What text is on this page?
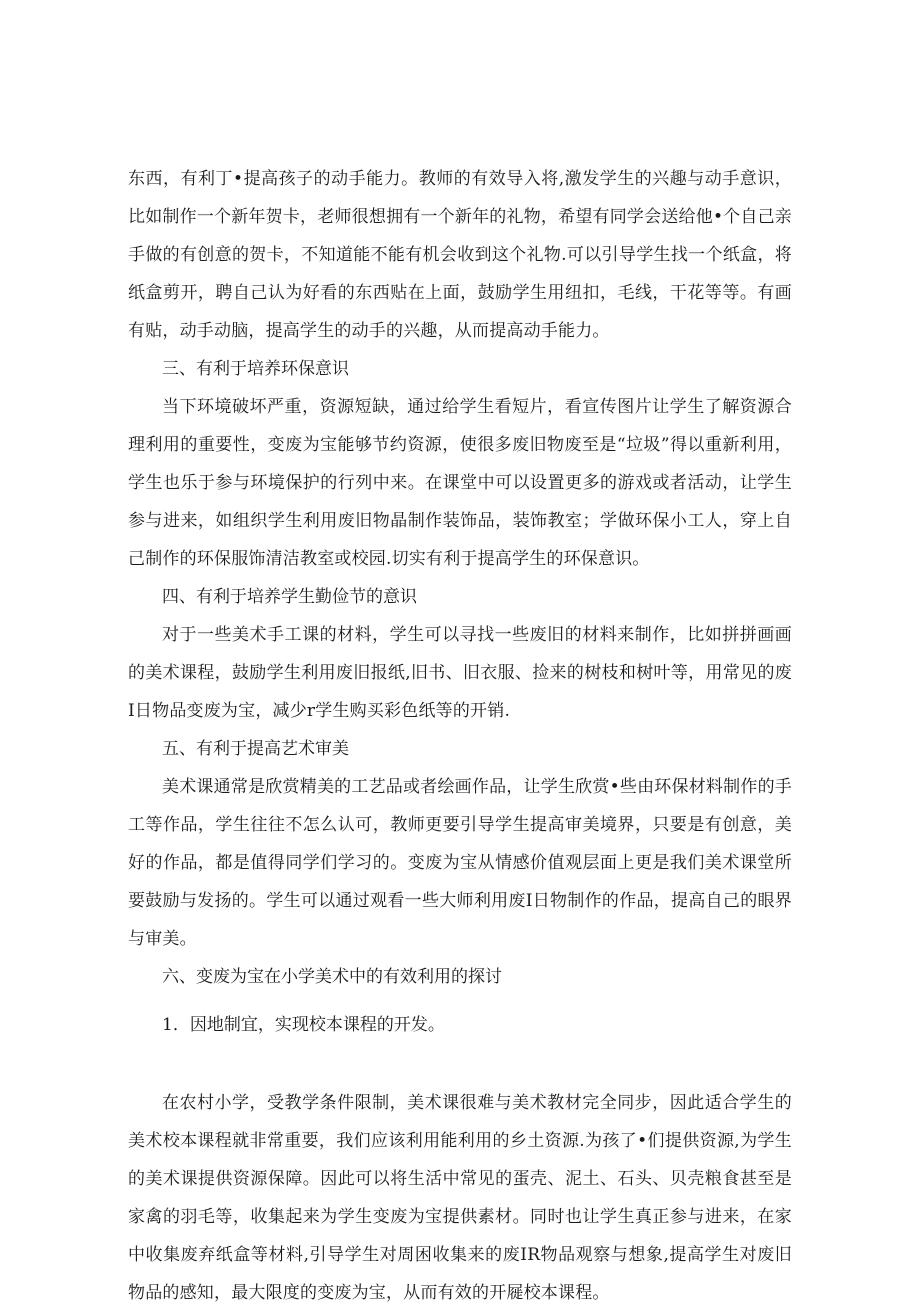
东西，有利丁•提高孩子的动手能力。教师的有效导入将,激发学生的兴趣与动手意识，比如制作一个新年贺卡，老师很想拥有一个新年的礼物，希望有同学会送给他•个自己亲手做的有创意的贺卡，不知道能不能有机会收到这个礼物.可以引导学生找一个纸盒，将纸盒剪开，聘自己认为好看的东西贴在上面，鼓励学生用纽扣，毛线，干花等等。有画有贴，动手动脑，提高学生的动手的兴趣，从而提高动手能力。

三、有利于培养环保意识

当下环境破坏严重，资源短缺，通过给学生看短片，看宣传图片让学生了解资源合理利用的重要性，变废为宝能够节约资源，使很多废旧物废至是“垃圾”得以重新利用，学生也乐于参与环境保护的行列中来。在课堂中可以设置更多的游戏或者活动，让学生参与进来，如组织学生利用废旧物晶制作装饰品，装饰教室；学做环保小工人，穿上自己制作的环保服饰清洁教室或校园.切实有利于提高学生的环保意识。

四、有利于培养学生勤俭节的意识

对于一些美术手工课的材料，学生可以寻找一些废旧的材料来制作，比如拼拼画画的美术课程，鼓励学生利用废旧报纸,旧书、旧衣服、捡来的树枝和树叶等，用常见的废I日物品变废为宝，减少r学生购买彩色纸等的开销.

五、有利于提高艺术审美

美术课通常是欣赏精美的工艺品或者绘画作品，让学生欣赏•些由环保材料制作的手工等作品，学生往往不怎么认可，教师更要引导学生提高审美境界，只要是有创意，美好的作品，都是值得同学们学习的。变废为宝从情感价值观层面上更是我们美术课堂所要鼓励与发扬的。学生可以通过观看一些大师利用废I日物制作的作品，提高自己的眼界与审美。

六、变废为宝在小学美术中的有效利用的探讨

1．因地制宜，实现校本课程的开发。

在农村小学，受教学条件限制，美术课很难与美术教材完全同步，因此适合学生的美术校本课程就非常重要，我们应该利用能利用的乡土资源.为孩了•们提供资源,为学生的美术课提供资源保障。因此可以将生活中常见的蛋壳、泥土、石头、贝壳粮食甚至是家禽的羽毛等，收集起来为学生变废为宝提供素材。同时也让学生真正参与进来，在家中收集废弃纸盒等材料,引导学生对周困收集来的废IR物品观察与想象,提高学生对废旧物品的感知，最大限度的变废为宝，从而有效的开屣校本课程。
